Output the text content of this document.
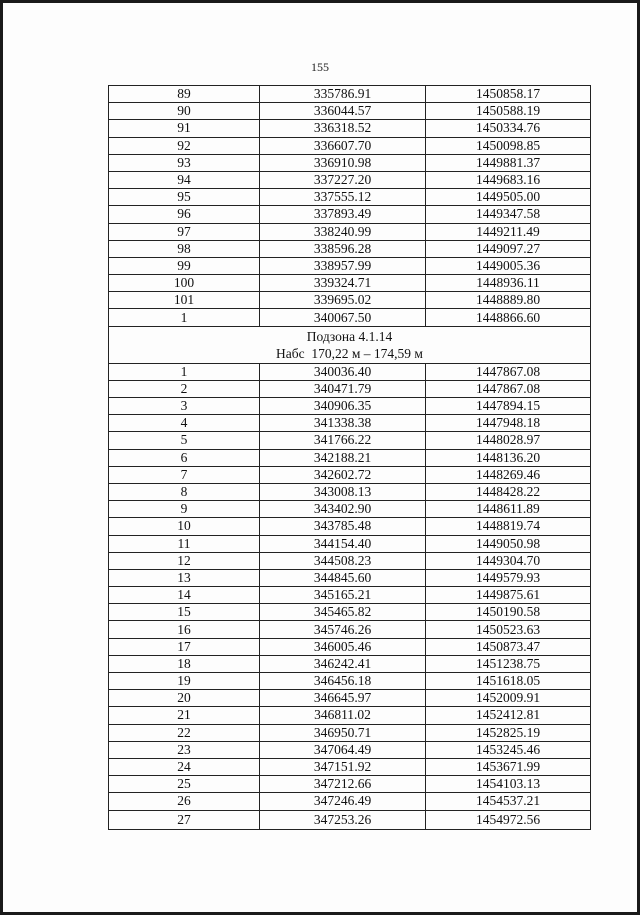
155
89	335786.91	1450858.17
90	336044.57	1450588.19
91	336318.52	1450334.76
92	336607.70	1450098.85
93	336910.98	1449881.37
94	337227.20	1449683.16
95	337555.12	1449505.00
96	337893.49	1449347.58
97	338240.99	1449211.49
98	338596.28	1449097.27
99	338957.99	1449005.36
100	339324.71	1448936.11
101	339695.02	1448889.80
1	340067.50	1448866.60

Подзона 4.1.14
Набс  170,22 м – 174,59 м		

1	340036.40	1447867.08
2	340471.79	1447867.08
3	340906.35	1447894.15
4	341338.38	1447948.18
5	341766.22	1448028.97
6	342188.21	1448136.20
7	342602.72	1448269.46
8	343008.13	1448428.22
9	343402.90	1448611.89
10	343785.48	1448819.74
11	344154.40	1449050.98
12	344508.23	1449304.70
13	344845.60	1449579.93
14	345165.21	1449875.61
15	345465.82	1450190.58
16	345746.26	1450523.63
17	346005.46	1450873.47
18	346242.41	1451238.75
19	346456.18	1451618.05
20	346645.97	1452009.91
21	346811.02	1452412.81
22	346950.71	1452825.19
23	347064.49	1453245.46
24	347151.92	1453671.99
25	347212.66	1454103.13
26	347246.49	1454537.21
27	347253.26	1454972.56
